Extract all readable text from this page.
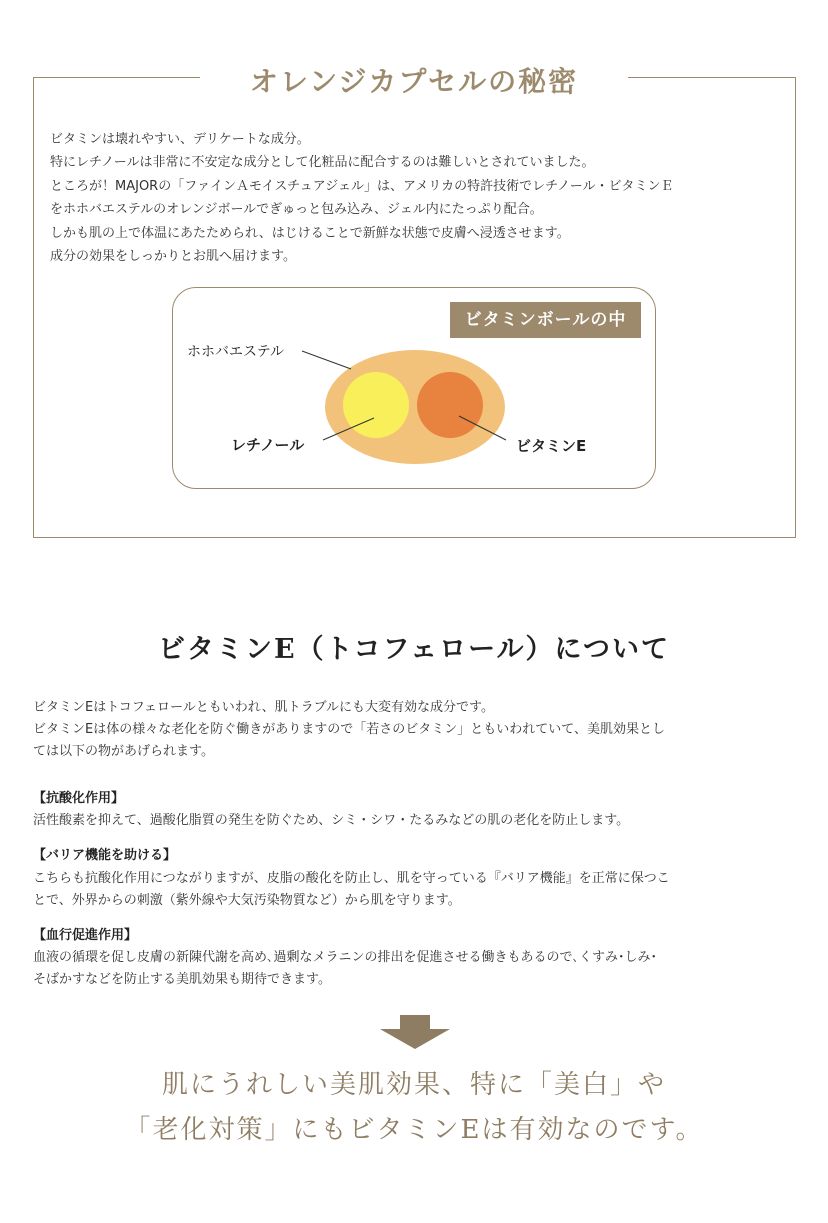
オレンジカプセルの秘密

ビタミンは壊れやすい、デリケートな成分。

特にレチノールは非常に不安定な成分として化粧品に配合するのは難しいとされていました。

ところが！MAJORの「ファインＡモイスチュアジェル」は、アメリカの特許技術でレチノール・ビタミンＥ

をホホバエステルのオレンジボールでぎゅっと包み込み、ジェル内にたっぷり配合。

しかも肌の上で体温にあたためられ、はじけることで新鮮な状態で皮膚へ浸透させます。

成分の効果をしっかりとお肌へ届けます。

ビタミンボールの中
ホホバエステル
レチノール	ビタミンE
ビタミンE（トコフェロール）について

ビタミンEはトコフェロールともいわれ、肌トラブルにも大変有効な成分です。

ビタミンEは体の様々な老化を防ぐ働きがありますので「若さのビタミン」ともいわれていて、美肌効果とし

ては以下の物があげられます。

【抗酸化作用】

活性酸素を抑えて、過酸化脂質の発生を防ぐため、シミ・シワ・たるみなどの肌の老化を防止します。

【バリア機能を助ける】

こちらも抗酸化作用につながりますが、皮脂の酸化を防止し、肌を守っている『バリア機能』を正常に保つこ

とで、外界からの刺激（紫外線や大気汚染物質など）から肌を守ります。

【血行促進作用】

血液の循環を促し皮膚の新陳代謝を高め､過剰なメラニンの排出を促進させる働きもあるので､くすみ･しみ･

そばかすなどを防止する美肌効果も期待できます。

肌にうれしい美肌効果、特に「美白」や

「老化対策」にもビタミンEは有効なのです。
